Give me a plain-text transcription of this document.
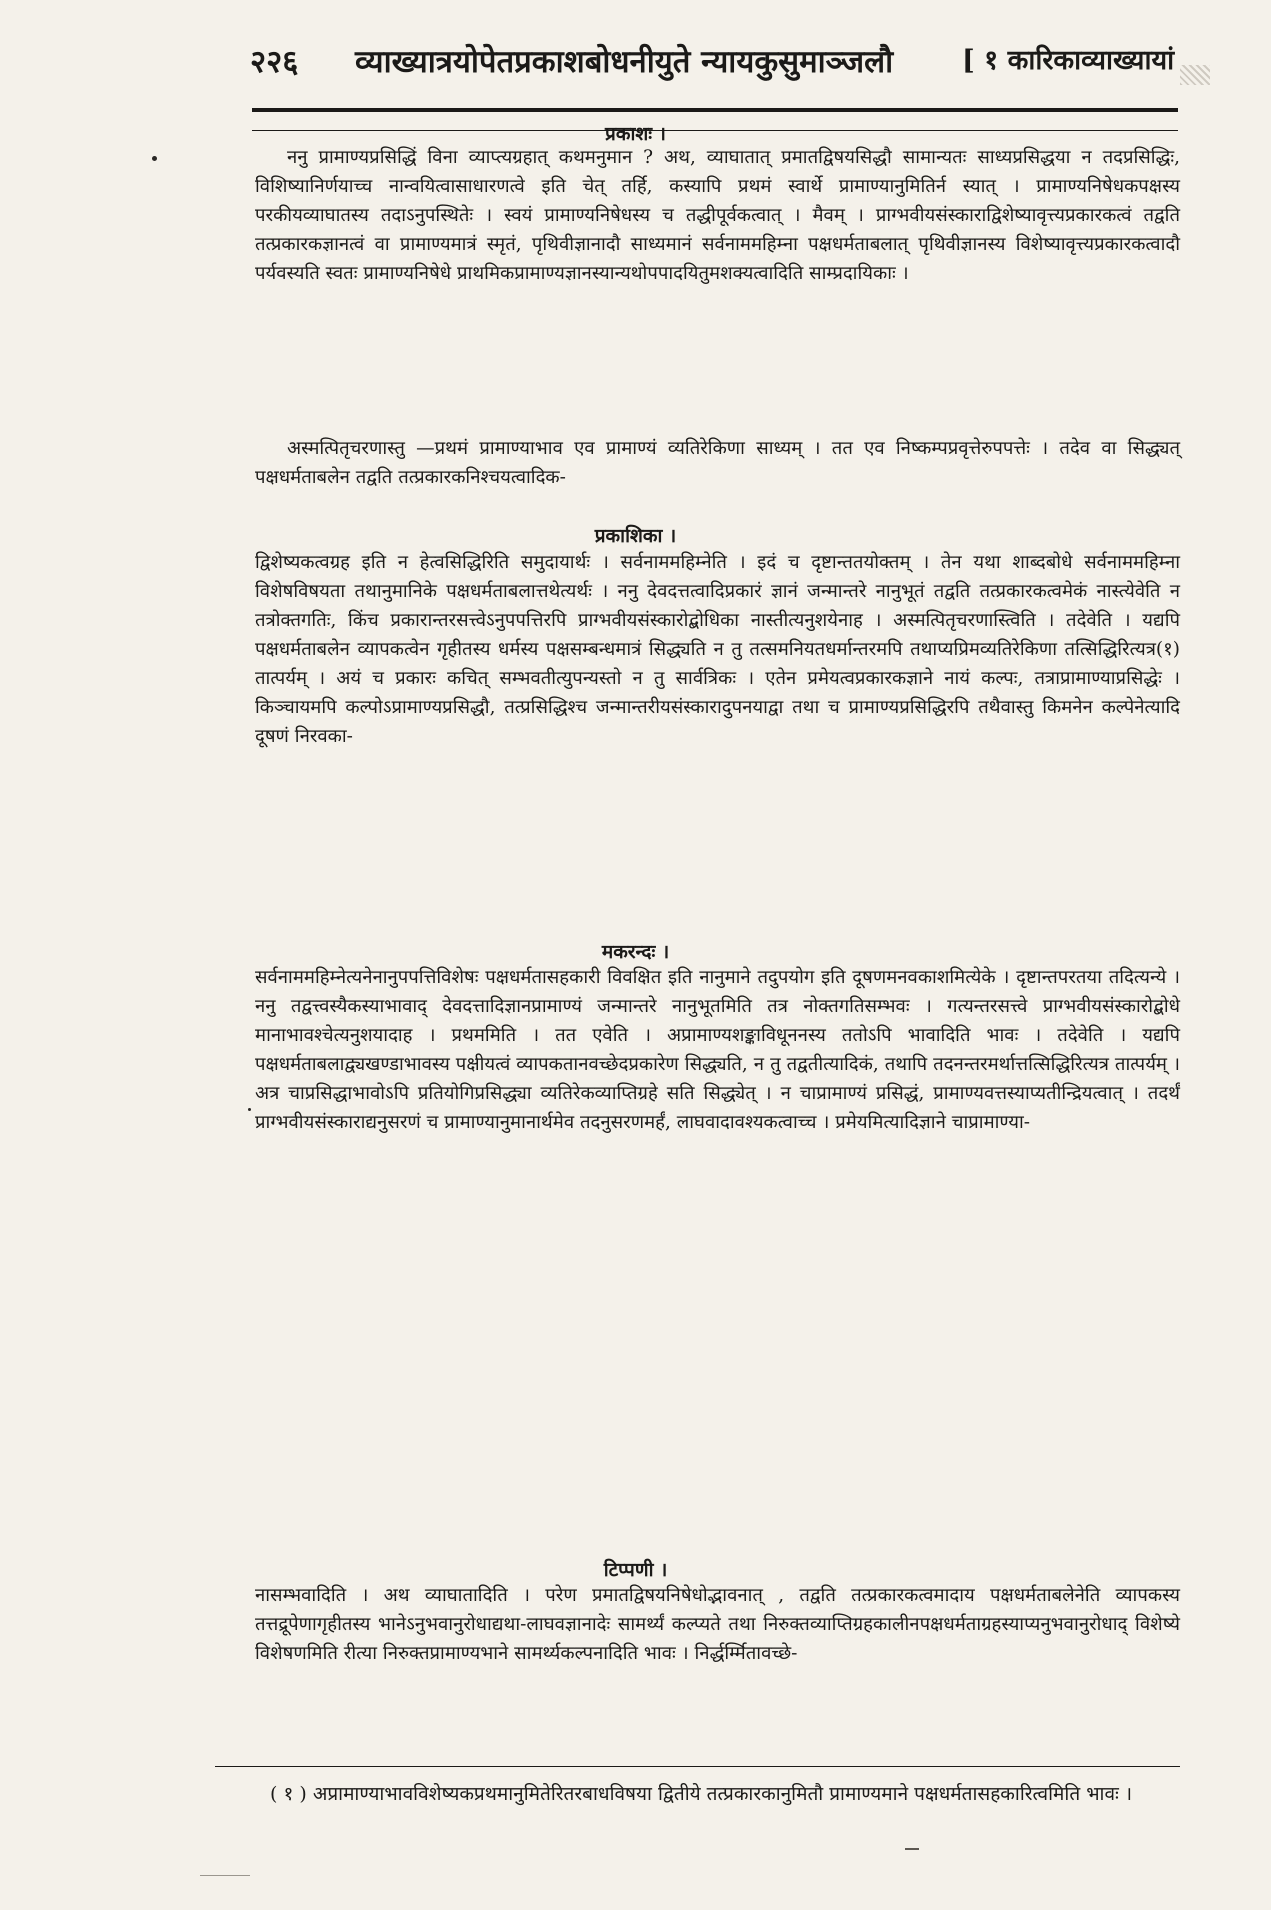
२२६ व्याख्यात्रयोपेतप्रकाशबोधनीयुते न्यायकुसुमाञ्जलौ	[ १ कारिकाव्याख्यायां
प्रकाशः ।

ननु प्रामाण्यप्रसिद्धिं विना व्याप्त्यग्रहात् कथमनुमान ? अथ, व्याघातात् प्रमातद्विषयसिद्धौ सामान्यतः साध्यप्रसिद्धया न तदप्रसिद्धिः, विशिष्यानिर्णयाच्च नान्वयित्वासाधारणत्वे इति चेत् तर्हि, कस्यापि प्रथमं स्वार्थे प्रामाण्यानुमितिर्न स्यात् । प्रामाण्यनिषेधकपक्षस्य परकीयव्याघातस्य तदाऽनुपस्थितेः । स्वयं प्रामाण्यनिषेधस्य च तद्धीपूर्वकत्वात् । मैवम् । प्राग्भवीयसंस्काराद्विशेष्यावृत्त्यप्रकारकत्वं तद्वति तत्प्रकारकज्ञानत्वं वा प्रामाण्यमात्रं स्मृतं, पृथिवीज्ञानादौ साध्यमानं सर्वनाममहिम्ना पक्षधर्मताबलात् पृथिवीज्ञानस्य विशेष्यावृत्त्यप्रकारकत्वादौ पर्यवस्यति स्वतः प्रामाण्यनिषेधे प्राथमिकप्रामाण्यज्ञानस्यान्यथोपपादयितुमशक्यत्वादिति साम्प्रदायिकाः ।

अस्मत्पितृचरणास्तु —प्रथमं प्रामाण्याभाव एव प्रामाण्यं व्यतिरेकिणा साध्यम् । तत एव निष्कम्पप्रवृत्तेरुपपत्तेः । तदेव वा सिद्ध्यत् पक्षधर्मताबलेन तद्वति तत्प्रकारकनिश्चयत्वादिक-

प्रकाशिका ।

द्विशेष्यकत्वग्रह इति न हेत्वसिद्धिरिति समुदायार्थः । सर्वनाममहिम्नेति । इदं च दृष्टान्ततयोक्तम् । तेन यथा शाब्दबोधे सर्वनाममहिम्ना विशेषविषयता तथानुमानिके पक्षधर्मताबलात्तथेत्यर्थः । ननु देवदत्तत्वादिप्रकारं ज्ञानं जन्मान्तरे नानुभूतं तद्वति तत्प्रकारकत्वमेकं नास्त्येवेति न तत्रोक्तगतिः, किंच प्रकारान्तरसत्त्वेऽनुपपत्तिरपि प्राग्भवीयसंस्कारोद्बोधिका नास्तीत्यनुशयेनाह । अस्मत्पितृचरणास्त्विति । तदेवेति । यद्यपि पक्षधर्मताबलेन व्यापकत्वेन गृहीतस्य धर्मस्य पक्षसम्बन्धमात्रं सिद्ध्यति न तु तत्समनियतधर्मान्तरमपि तथाप्यप्रिमव्यतिरेकिणा तत्सिद्धिरित्यत्र(१) तात्पर्यम् । अयं च प्रकारः कचित् सम्भवतीत्युपन्यस्तो न तु सार्वत्रिकः । एतेन प्रमेयत्वप्रकारकज्ञाने नायं कल्पः, तत्राप्रामाण्याप्रसिद्धेः । किञ्चायमपि कल्पोऽप्रामाण्यप्रसिद्धौ, तत्प्रसिद्धिश्च जन्मान्तरीयसंस्कारादुपनयाद्वा तथा च प्रामाण्यप्रसिद्धिरपि तथैवास्तु किमनेन कल्पेनेत्यादि दूषणं निरवका-

मकरन्दः ।

सर्वनाममहिम्नेत्यनेनानुपपत्तिविशेषः पक्षधर्मतासहकारी विवक्षित इति नानुमाने तदुपयोग इति दूषणमनवकाशमित्येके । दृष्टान्तपरतया तदित्यन्ये । ननु तद्वत्त्वस्यैकस्याभावाद् देवदत्तादिज्ञानप्रामाण्यं जन्मान्तरे नानुभूतमिति तत्र नोक्तगतिसम्भवः । गत्यन्तरसत्त्वे प्राग्भवीयसंस्कारोद्बोधे मानाभावश्चेत्यनुशयादाह । प्रथममिति । तत एवेति । अप्रामाण्यशङ्काविधूननस्य ततोऽपि भावादिति भावः । तदेवेति । यद्यपि पक्षधर्मताबलाद्व्यखण्डाभावस्य पक्षीयत्वं व्यापकतानवच्छेदप्रकारेण सिद्ध्यति, न तु तद्वतीत्यादिकं, तथापि तदनन्तरमर्थात्तत्सिद्धिरित्यत्र तात्पर्यम् । अत्र चाप्रसिद्धाभावोऽपि प्रतियोगिप्रसिद्ध्या व्यतिरेकव्याप्तिग्रहे सति सिद्ध्येत् । न चाप्रामाण्यं प्रसिद्धं, प्रामाण्यवत्तस्याप्यतीन्द्रियत्वात् । तदर्थं प्राग्भवीयसंस्काराद्यनुसरणं च प्रामाण्यानुमानार्थमेव तदनुसरणमर्हं, लाघवादावश्यकत्वाच्च । प्रमेयमित्यादिज्ञाने चाप्रामाण्या-

टिप्पणी ।

नासम्भवादिति । अथ व्याघातादिति । परेण प्रमातद्विषयनिषेधोद्भावनात् , तद्वति तत्प्रकारकत्वमादाय पक्षधर्मताबलेनेति व्यापकस्य तत्तद्रूपेणागृहीतस्य भानेऽनुभवानुरोधाद्यथा-लाघवज्ञानादेः सामर्थ्यं कल्प्यते तथा निरुक्तव्याप्तिग्रहकालीनपक्षधर्मताग्रहस्याप्यनुभवानुरोधाद् विशेष्ये विशेषणमिति रीत्या निरुक्तप्रामाण्यभाने सामर्थ्यकल्पनादिति भावः । निर्द्धर्म्मितावच्छे-

( १ ) अप्रामाण्याभावविशेष्यकप्रथमानुमितेरितरबाधविषया द्वितीये तत्प्रकारकानुमितौ प्रामाण्यमाने पक्षधर्मतासहकारित्वमिति भावः ।
